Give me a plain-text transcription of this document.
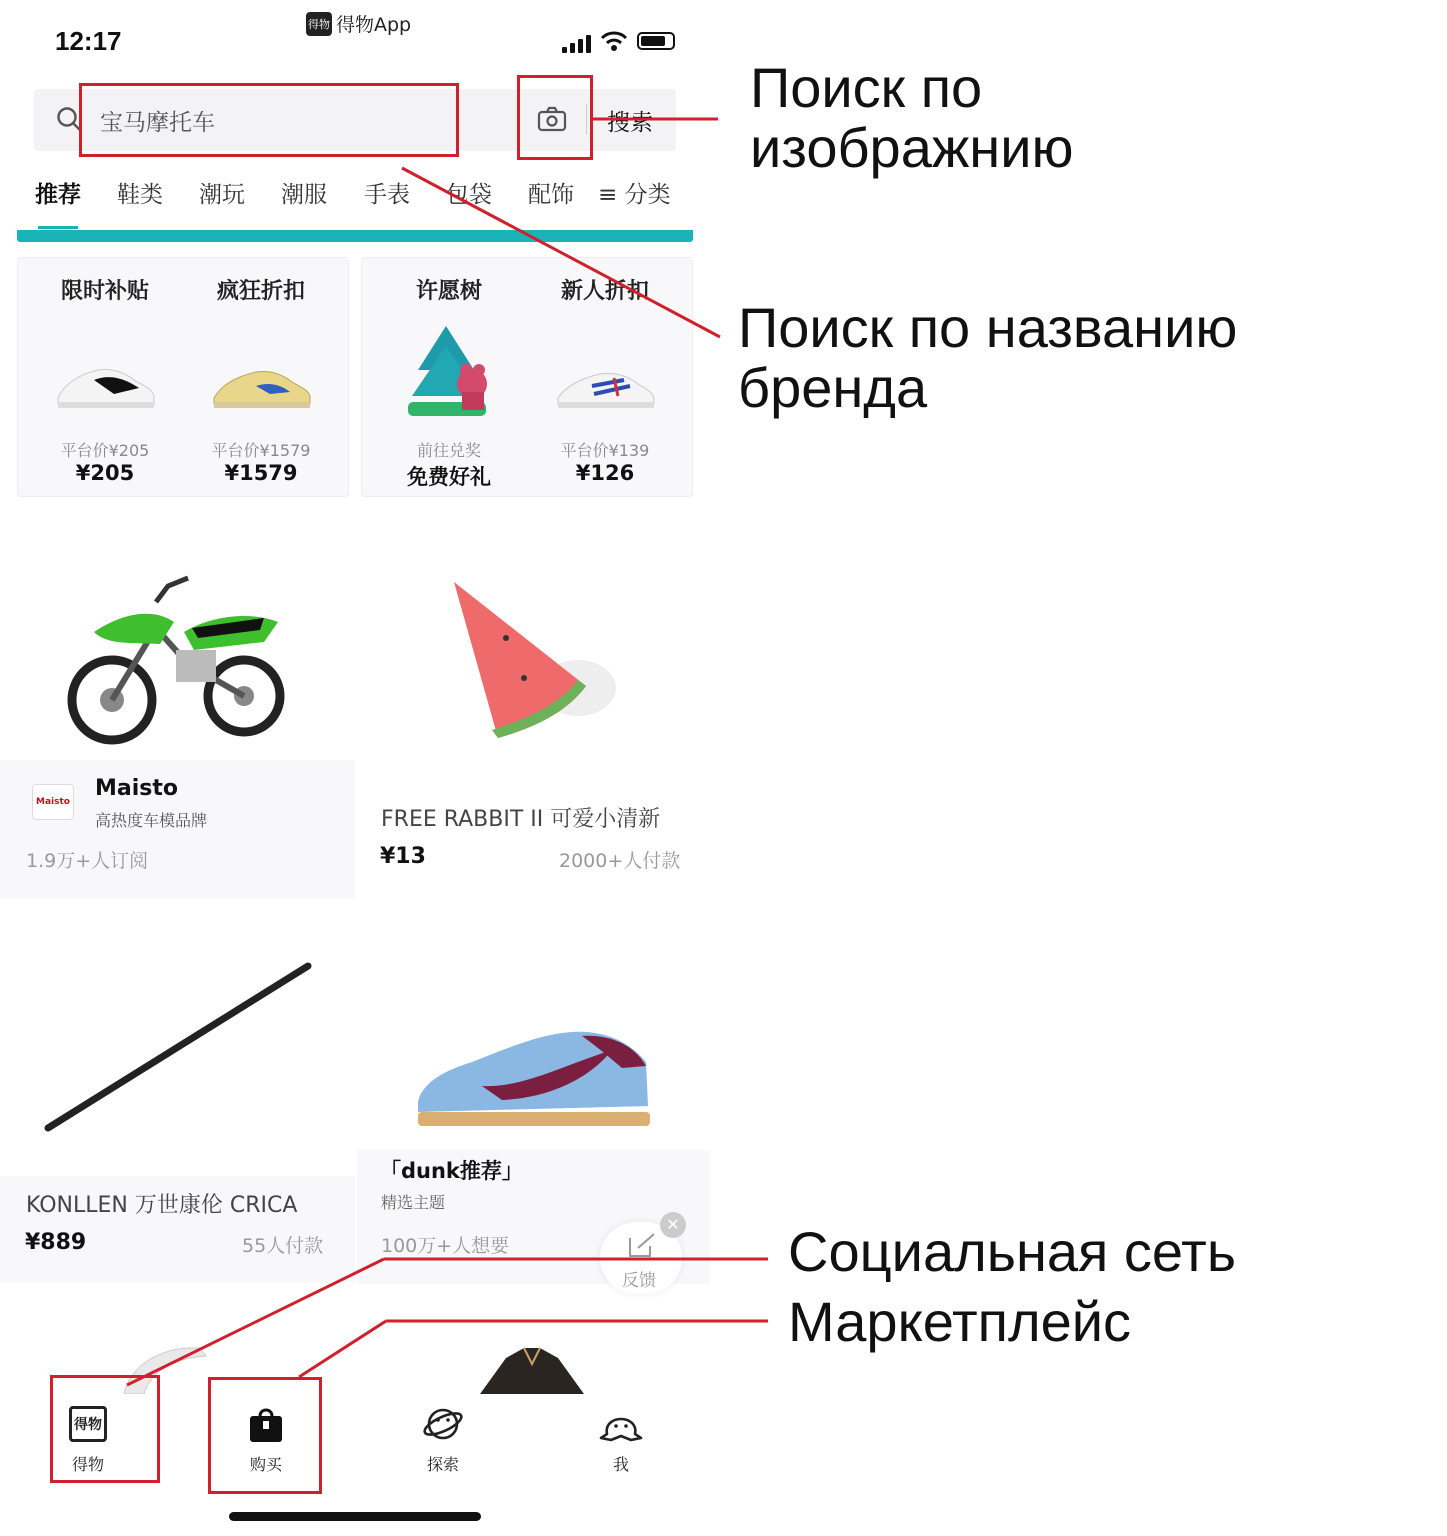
12:17
得物 得物App
宝马摩托车	搜索
推荐 鞋类 潮玩 潮服 手表 包袋 配饰 ≡ 分类
限时补贴
平台价¥205
¥205
疯狂折扣
平台价¥1579
¥1579
许愿树
前往兑奖
免费好礼
新人折扣
平台价¥139
¥126
Maisto
Maisto
高热度车模品牌
1.9万+人订阅
FREE RABBIT II 可爱小清新
¥13	2000+人付款
KONLLEN 万世康伦 CRICA
¥889	55人付款
「dunk推荐」
精选主题
100万+人想要
反馈
✕
得物
得物	购买	探索	我
Поиск по
изображнию
Поиск по названию
бренда
Социальная сеть
Маркетплейс
